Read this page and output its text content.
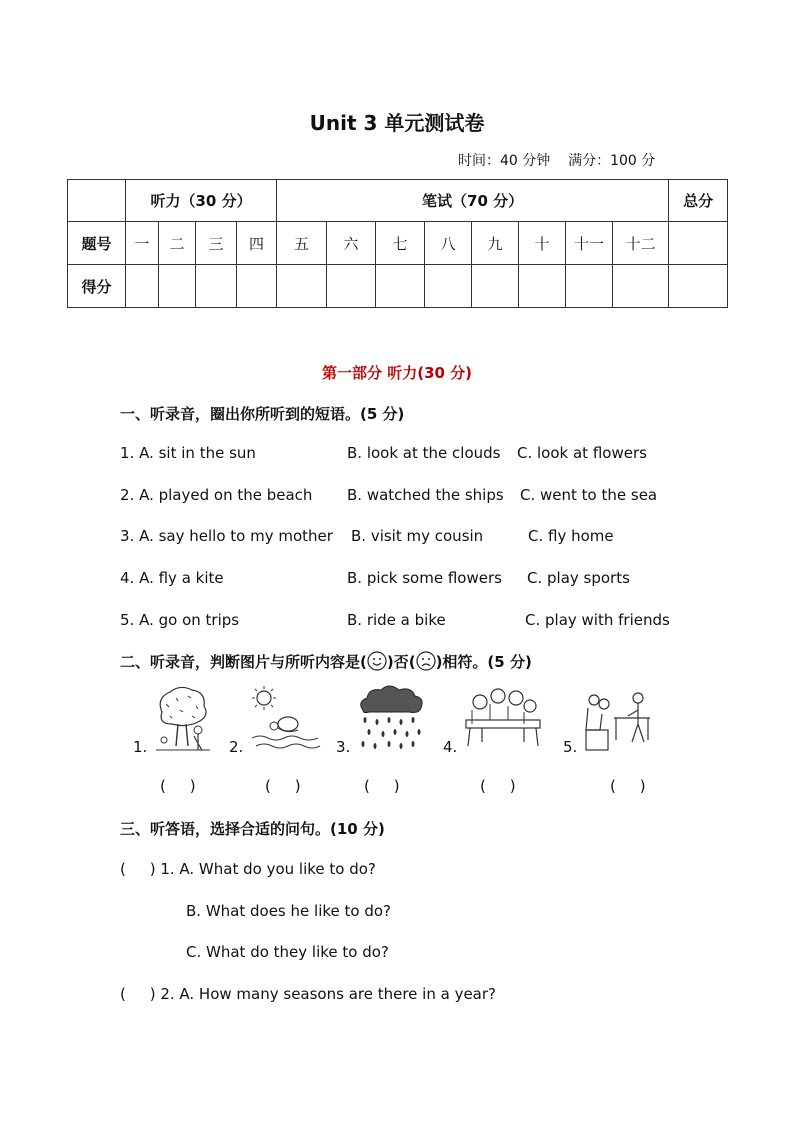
Unit 3 单元测试卷
时间：40 分钟    满分：100 分
	听力（30 分）				笔试（70 分）								总分
题号	一	二	三	四	五	六	七	八	九	十	十一	十二	
得分													
第一部分 听力(30 分)
一、听录音，圈出你所听到的短语。(5 分)
1. A. sit in the sun	B. look at the clouds C. look at flowers
2. A. played on the beach B. watched the ships C. went to the sea
3. A. say hello to my mother B. visit my cousin	C. fly home
4. A. fly a kite	B. pick some flowers C. play sports
5. A. go on trips	B. ride a bike	C. play with friends
二、听录音，判断图片与所听内容是( )否( )相符。(5 分)
1.
(     )
2.
(     )
3.
(     )
4.
(     )
5.
(     )
三、听答语，选择合适的问句。(10 分)
(     ) 1. A. What do you like to do?
B. What does he like to do?
C. What do they like to do?
(     ) 2. A. How many seasons are there in a year?
